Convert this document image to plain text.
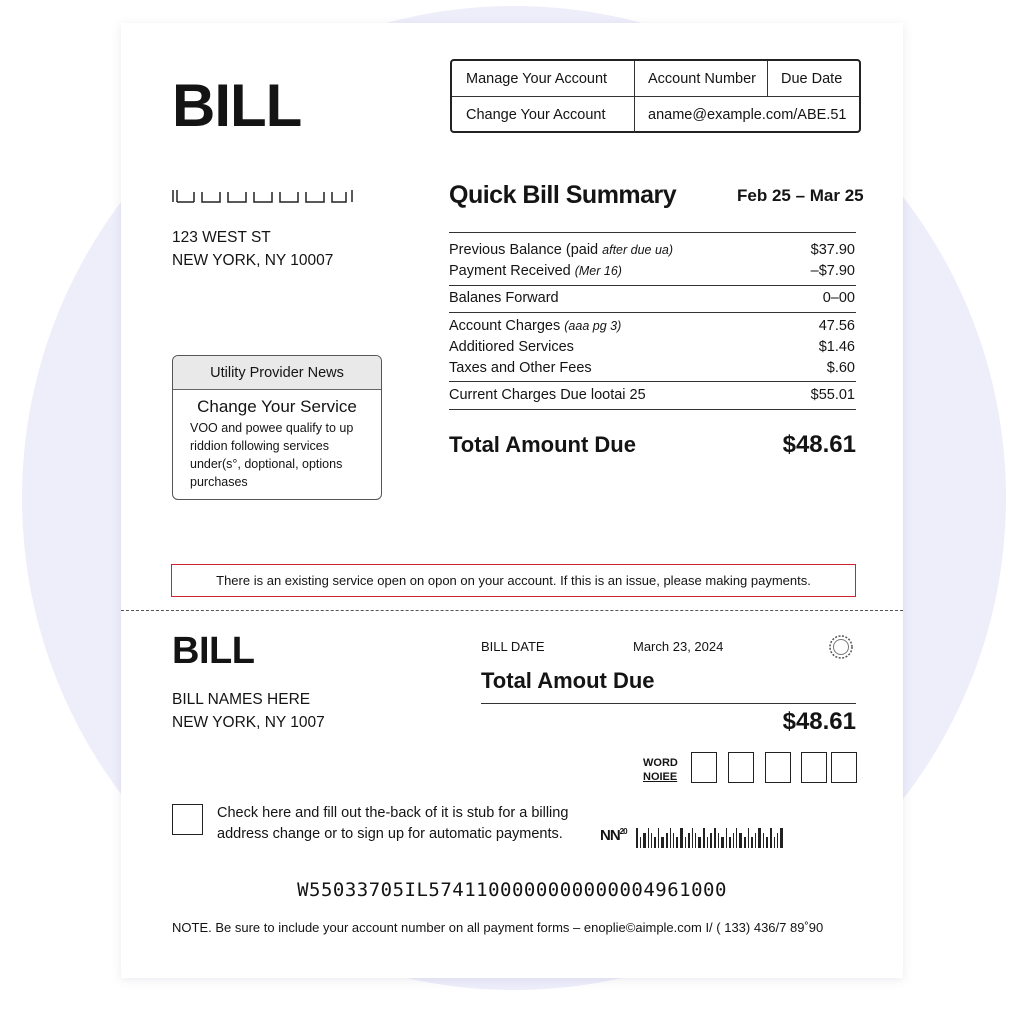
BILL	Manage Your Account	Account Number	Due Date
Change Your Account	aname@example.com/ABE.51
123 WEST ST
NEW YORK, NY 10007
Quick Bill Summary	Feb 25 – Mar 25
Previous Balance (paid after due ua)	$37.90
Payment Received (Mer 16)	–$7.90
Balanes Forward	0–00
Account Charges (aaa pg 3)	47.56
Additiored Services	$1.46
Taxes and Other Fees	$.60
Current Charges Due lootai 25	$55.01
Total Amount Due	$48.61
Utility Provider News
Change Your Service
VOO and powee qualify to up
riddion following services
under(s°, doptional, options
purchases
There is an existing service open on opon on your account. If this is an issue, please making payments.
BILL
BILL NAMES HERE
NEW YORK, NY 1007
BILL DATE	March 23, 2024
Total Amout Due
$48.61
WORD
NOIEE
Check here and fill out the-back of it is stub for a billing
address change or to sign up for automatic payments.	NN$^{20}$
W55033705IL5741100000000000004961000
NOTE. Be sure to include your account number on all payment forms – enoplie©aimple.com I/ ( 133) 436/7 89˚90
